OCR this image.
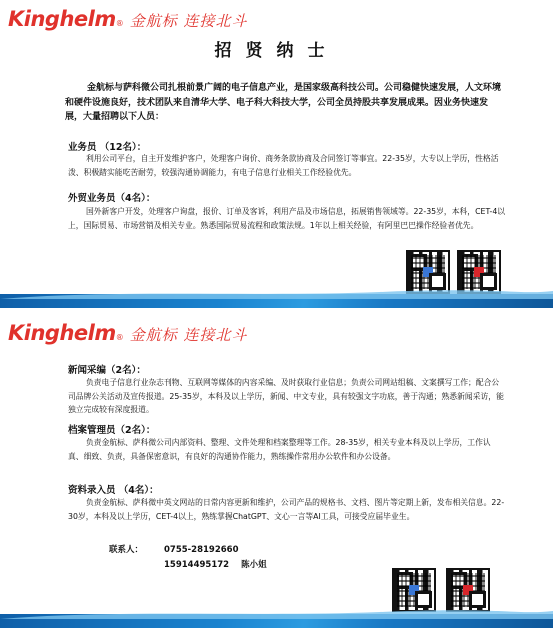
Kinghelm ® 金航标 连接北斗
招贤纳士

金航标与萨科微公司扎根前景广阔的电子信息产业，是国家级高科技公司。公司稳健快速发展，人文环境和硬件设施良好，技术团队来自清华大学、电子科大科技大学，公司全员持股共享发展成果。因业务快速发展，大量招聘以下人员：

业务员 （12名）：

利用公司平台，自主开发维护客户，处理客户询价、商务条款协商及合同签订等事宜。22-35岁，大专以上学历，性格活泼、积极踏实能吃苦耐劳，较强沟通协调能力，有电子信息行业相关工作经验优先。

外贸业务员（4名）：

国外新客户开发，处理客户询盘，报价、订单及客诉，利用产品及市场信息，拓展销售领域等。22-35岁，本科，CET-4以上，国际贸易、市场营销及相关专业。熟悉国际贸易流程和政策法规。1年以上相关经验，有阿里巴巴操作经验者优先。

Kinghelm ® 金航标 连接北斗
新闻采编（2名）：

负责电子信息行业杂志刊物、互联网等媒体的内容采编、及时获取行业信息；负责公司网站组稿、文案撰写工作；配合公司品牌公关活动及宣传报道。25-35岁，本科及以上学历，新闻、中文专业，具有较强文字功底，善于沟通；熟悉新闻采访，能独立完成较有深度报道。

档案管理员（2名）：

负责金航标、萨科微公司内部资料、整理、文件处理和档案整理等工作。28-35岁，相关专业本科及以上学历，工作认真、细致、负责，具备保密意识，有良好的沟通协作能力，熟练操作常用办公软件和办公设备。

资料录入员 （4名）：

负责金航标、萨科微中英文网站的日常内容更新和维护，公司产品的规格书、文档、图片等定期上新，发布相关信息。22-30岁，本科及以上学历，CET-4以上，熟练掌握ChatGPT、文心一言等AI工具，可接受应届毕业生。

联系人：	0755-28192660
15914495172 陈小姐
